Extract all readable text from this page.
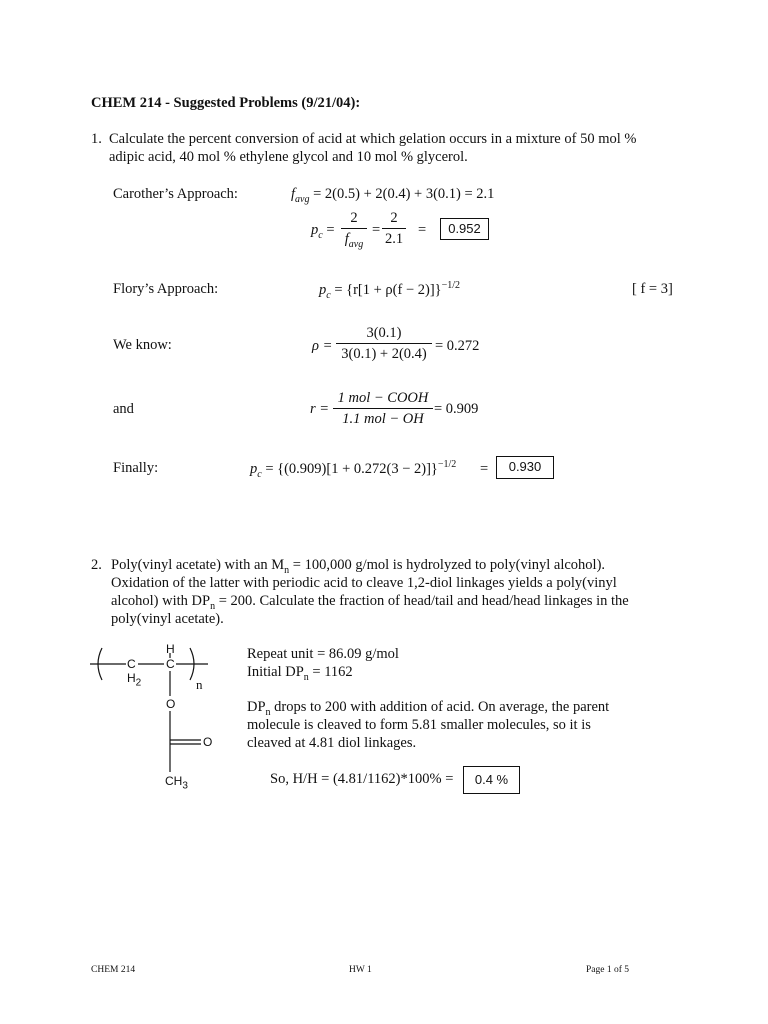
CHEM 214 - Suggested Problems (9/21/04):
1. Calculate the percent conversion of acid at which gelation occurs in a mixture of 50 mol %
adipic acid, 40 mol % ethylene glycol and 10 mol % glycerol.
Carother’s Approach:	$f_{avg} = 2(0.5) + 2(0.4) + 3(0.1) = 2.1$
$p_c$ =
2
$f_{avg}$
=
2
2.1
=	0.952
Flory’s Approach:	$p_c = \{r[1 + \rho(f - 2)]\}^{-1/2}$	[ f = 3]
We know:	ρ =
3(0.1)
3(0.1) + 2(0.4) = 0.272
and	r =
1 mol − COOH
1.1 mol − OH
= 0.909
Finally:	$p_c = \{(0.909)[1 + 0.272(3 - 2)]\}^{-1/2}$ =	0.930
2. Poly(vinyl acetate) with an $M_n = 100,000$ g/mol is hydrolyzed to poly(vinyl alcohol).
Oxidation of the latter with periodic acid to cleave 1,2-diol linkages yields a poly(vinyl
alcohol) with $DP_n = 200$. Calculate the fraction of head/tail and head/head linkages in the
poly(vinyl acetate).
H
C	C
$H_2$	n
O
O
$CH_3$
Repeat unit = 86.09 g/mol
Initial $DP_n = 1162$
$DP_n$ drops to 200 with addition of acid. On average, the parent
molecule is cleaved to form 5.81 smaller molecules, so it is
cleaved at 4.81 diol linkages.
So, H/H = (4.81/1162)*100% =	0.4 %
CHEM 214	HW 1	Page 1 of 5
